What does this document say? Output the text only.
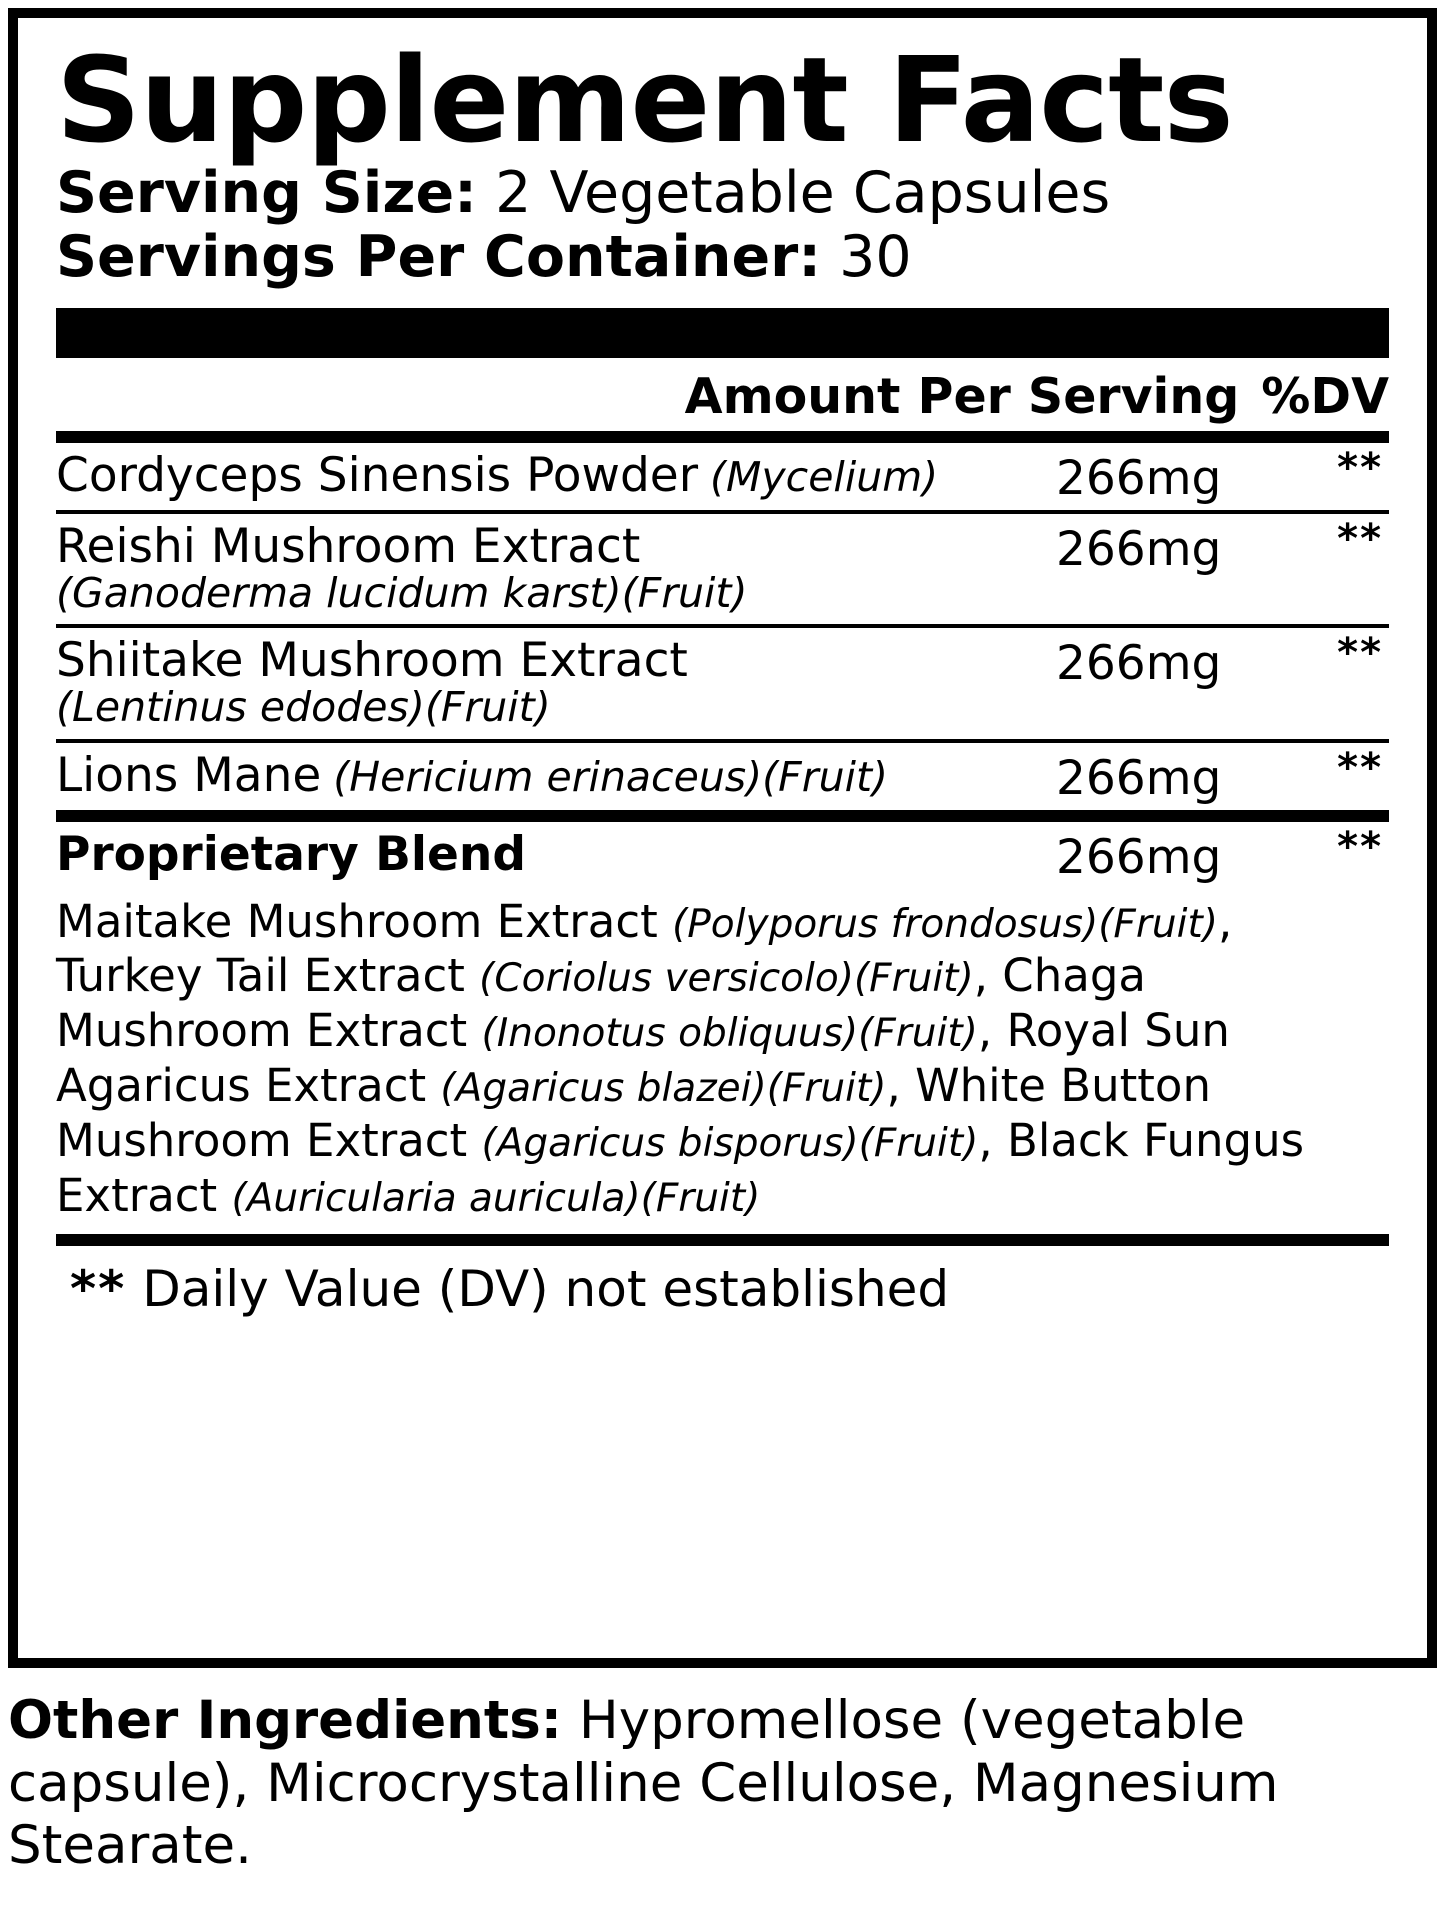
Supplement Facts
Serving Size: 2 Vegetable Capsules
Servings Per Container: 30
Amount Per Serving %DV
Cordyceps Sinensis Powder (Mycelium)	266mg	**
Reishi Mushroom Extract
(Ganoderma lucidum karst)(Fruit)
266mg	**
Shiitake Mushroom Extract
(Lentinus edodes)(Fruit)
266mg	**
Lions Mane (Hericium erinaceus)(Fruit)	266mg	**
Proprietary Blend	266mg	**
Maitake Mushroom Extract (Polyporus frondosus)(Fruit), Turkey Tail Extract (Coriolus versicolo)(Fruit), Chaga Mushroom Extract (Inonotus obliquus)(Fruit), Royal Sun Agaricus Extract (Agaricus blazei)(Fruit), White Button Mushroom Extract (Agaricus bisporus)(Fruit), Black Fungus Extract (Auricularia auricula)(Fruit)
** Daily Value (DV) not established
Other Ingredients: Hypromellose (vegetable capsule), Microcrystalline Cellulose, Magnesium Stearate.
